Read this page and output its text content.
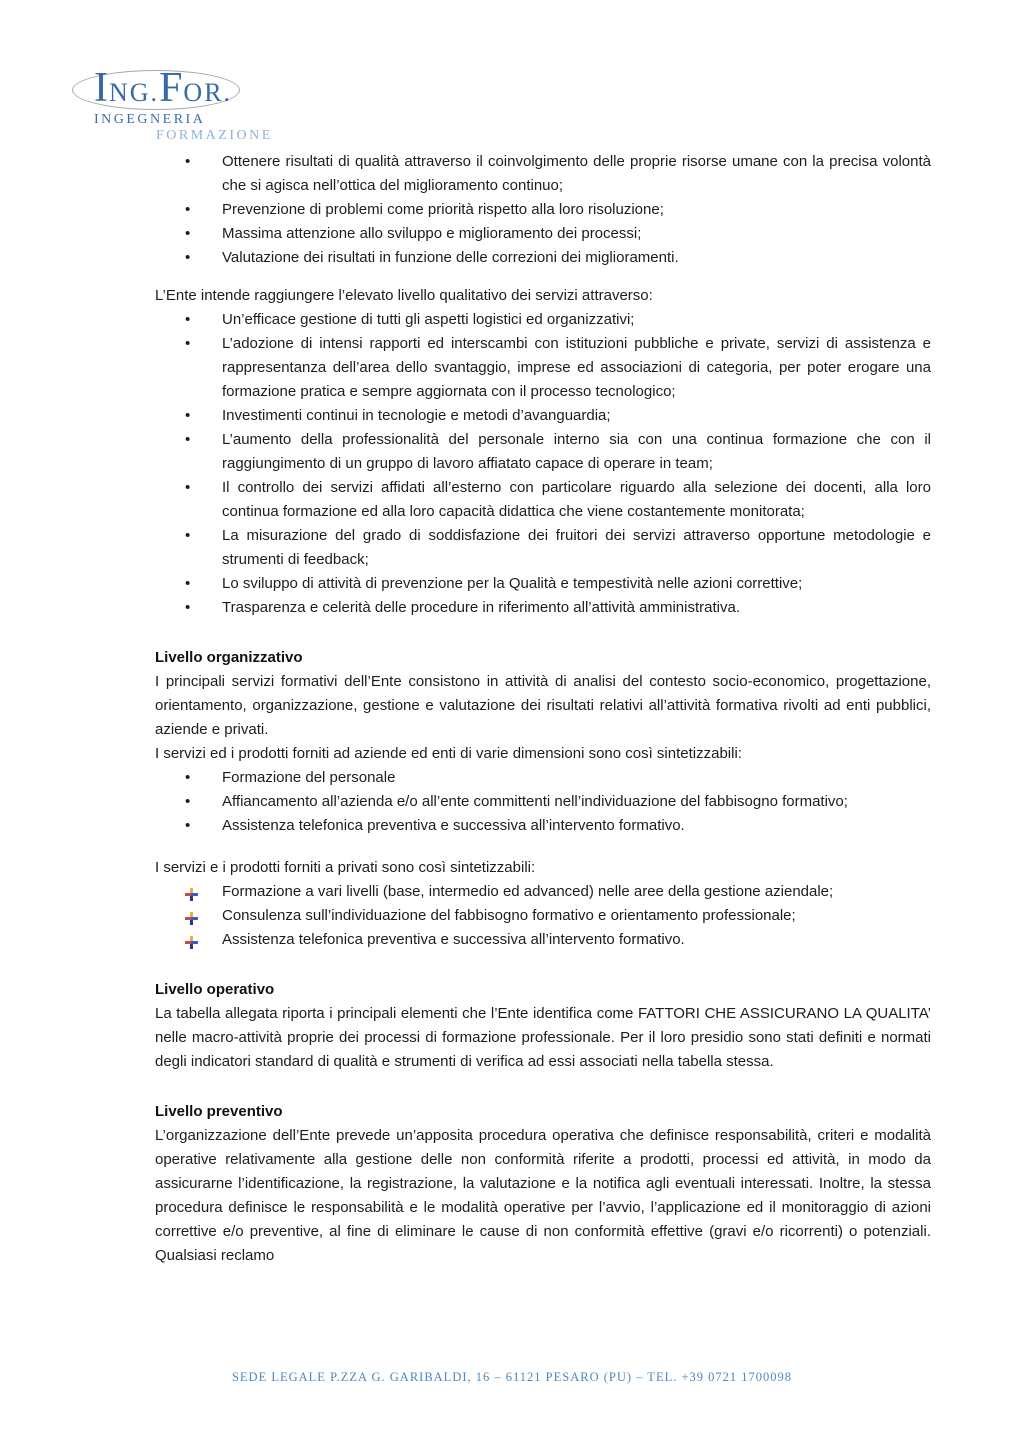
ING.FOR.
INGEGNERIA
FORMAZIONE
• Ottenere risultati di qualità attraverso il coinvolgimento delle proprie risorse umane con la precisa volontà che si agisca nell’ottica del miglioramento continuo;
• Prevenzione di problemi come priorità rispetto alla loro risoluzione;
• Massima attenzione allo sviluppo e miglioramento dei processi;
• Valutazione dei risultati in funzione delle correzioni dei miglioramenti.

L’Ente intende raggiungere l’elevato livello qualitativo dei servizi attraverso:

• Un’efficace gestione di tutti gli aspetti logistici ed organizzativi;
• L’adozione di intensi rapporti ed interscambi con istituzioni pubbliche e private, servizi di assistenza e rappresentanza dell’area dello svantaggio, imprese ed associazioni di categoria, per poter erogare una formazione pratica e sempre aggiornata con il processo tecnologico;
• Investimenti continui in tecnologie e metodi d’avanguardia;
• L’aumento della professionalità del personale interno sia con una continua formazione che con il raggiungimento di un gruppo di lavoro affiatato capace di operare in team;
• Il controllo dei servizi affidati all’esterno con particolare riguardo alla selezione dei docenti, alla loro continua formazione ed alla loro capacità didattica che viene costantemente monitorata;
• La misurazione del grado di soddisfazione dei fruitori dei servizi attraverso opportune metodologie e strumenti di feedback;
• Lo sviluppo di attività di prevenzione per la Qualità e tempestività nelle azioni correttive;
• Trasparenza e celerità delle procedure in riferimento all’attività amministrativa.

Livello organizzativo

I principali servizi formativi dell’Ente consistono in attività di analisi del contesto socio-economico, progettazione, orientamento, organizzazione, gestione e valutazione dei risultati relativi all’attività formativa rivolti ad enti pubblici, aziende e privati.

I servizi ed i prodotti forniti ad aziende ed enti di varie dimensioni sono così sintetizzabili:

• Formazione del personale
• Affiancamento all’azienda e/o all’ente committenti nell’individuazione del fabbisogno formativo;
• Assistenza telefonica preventiva e successiva all’intervento formativo.

I servizi e i prodotti forniti a privati sono così sintetizzabili:

Formazione a vari livelli (base, intermedio ed advanced) nelle aree della gestione aziendale;
Consulenza sull’individuazione del fabbisogno formativo e orientamento professionale;
Assistenza telefonica preventiva e successiva all’intervento formativo.

Livello operativo

La tabella allegata riporta i principali elementi che l’Ente identifica come FATTORI CHE ASSICURANO LA QUALITA’ nelle macro-attività proprie dei processi di formazione professionale. Per il loro presidio sono stati definiti e normati degli indicatori standard di qualità e strumenti di verifica ad essi associati nella tabella stessa.

Livello preventivo

L’organizzazione dell’Ente prevede un’apposita procedura operativa che definisce responsabilità, criteri e modalità operative relativamente alla gestione delle non conformità riferite a prodotti, processi ed attività, in modo da assicurarne l’identificazione, la registrazione, la valutazione e la notifica agli eventuali interessati. Inoltre, la stessa procedura definisce le responsabilità e le modalità operative per l’avvio, l’applicazione ed il monitoraggio di azioni correttive e/o preventive, al fine di eliminare le cause di non conformità effettive (gravi e/o ricorrenti) o potenziali. Qualsiasi reclamo

SEDE LEGALE P.ZZA G. GARIBALDI, 16 – 61121 PESARO (PU) – TEL. +39 0721 1700098
